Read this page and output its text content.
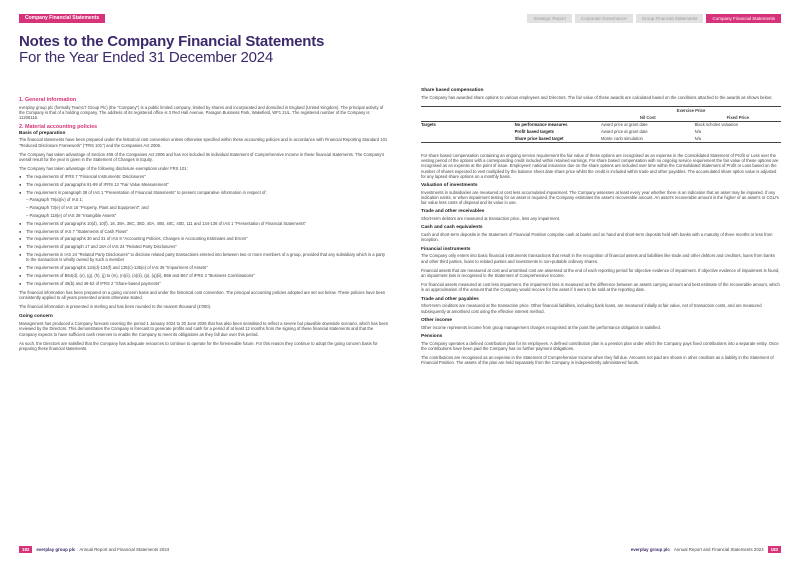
Company Financial Statements	Strategic Report	Corporate Governance	Group Financial Statements	Company Financial Statements
Notes to the Company Financial Statements
For the Year Ended 31 December 2024
1. General information
everplay group plc (formally Team17 Group Plc) (the "Company") is a public limited company, limited by shares and incorporated and domiciled in England (United Kingdom). The principal activity of the Company is that of a holding company. The address of its registered office is 3 Red Hall Avenue, Paragon Business Park, Wakefield, WF1 2UL. The registered number of the Company is 11206116.
2. Material accounting policies
Basis of preparation
The financial statements have been prepared under the historical cost convention unless otherwise specified within these accounting policies and in accordance with Financial Reporting Standard 101 "Reduced Disclosure Framework" ("FRS 101") and the Companies Act 2006.
The Company has taken advantage of Section 408 of the Companies Act 2006 and has not included its individual Statement of Comprehensive Income in these financial statements. The Company's overall result for the year is given in the Statement of Changes in Equity.
The Company has taken advantage of the following disclosure exemptions under FRS 101:
● The requirements of IFRS 7 "Financial Instruments: Disclosures"
● The requirements of paragraphs 91-99 of IFRS 13 "Fair Value Measurement"
● The requirement in paragraph 38 of IAS 1 "Presentation of Financial Statements" to present comparative information in respect of:
– Paragraph 79(a)(iv) of IAS 1;
– Paragraph 73(e) of IAS 16 "Property, Plant and Equipment"; and
– Paragraph 118(e) of IAS 38 "Intangible Assets"
● The requirements of paragraphs 10(d), 10(f), 16, 38A, 38C, 38D, 40A, 40B, 40C, 40D, 111 and 134-136 of IAS 1 "Presentation of Financial Statements"
● The requirements of IAS 7 "Statements of Cash Flows"
● The requirements of paragraphs 30 and 31 of IAS 8 "Accounting Policies, Changes in Accounting Estimates and Errors"
● The requirements of paragraph 17 and 18A of IAS 24 "Related Party Disclosures"
● The requirements in IAS 24 "Related Party Disclosures" to disclose related party transactions entered into between two or more members of a group, provided that any subsidiary which is a party to the transaction is wholly owned by such a member
● The requirements of paragraphs 134(d)-134(f) and 135(c)-135(e) of IAS 36 "Impairment of Assets"
● The requirements of B64(d), (e), (g), (h), (j) to (m), (n)(ii), (o)(ii), (p), (q)(ii), B66 and B67 of IFRS 3 "Business Combinations"
● The requirements of 45(b) and 46-52 of IFRS 2 "Share-based payments"
The financial information has been prepared on a going concern basis and under the historical cost convention. The principal accounting policies adopted are set out below. These policies have been consistently applied to all years presented unless otherwise stated.
The financial information is presented in sterling and has been rounded to the nearest thousand (£'000).
Going concern
Management has produced a Company forecast covering the period 1 January 2024 to 30 June 2026 that has also been sensitised to reflect a severe but plausible downside scenario, which has been reviewed by the Directors. This demonstrates the Company is forecast to generate profits and cash for a period of at least 12 months from the signing of these financial statements and that the Company expects to have sufficient cash reserves to enable the Company to meet its obligations as they fall due over this period.
As such, the Directors are satisfied that the Company has adequate resources to continue to operate for the foreseeable future. For this reason they continue to adopt the going concern basis for preparing these financial statements.
Share based compensation
The Company has awarded share options to various employees and Directors. The fair value of these awards are calculated based on the conditions attached to the awards as shown below:
		Exercise Price	
		Nil Cost	Fixed Price
Targets	No performance measures	Award price at grant date	Black scholes valuation
	Profit based targets	Award price at grant date	N/a
	Share price based target	Monte carlo simulation	N/a
For share based compensation containing an ongoing service requirement the fair value of these options are recognised as an expense in the Consolidated Statement of Profit or Loss over the vesting period of the options with a corresponding credit included within retained earnings. For share based compensation with no ongoing service requirement the fair value of these options are recognised as an expense at the point of issue. Employees' national insurance due on the share options are included over time within the Consolidated Statement of Profit or Loss based on the number of shares expected to vest multiplied by the balance sheet date share price whilst the credit is included within trade and other payables. The accumulated share option value is adjusted for any lapsed share options on a monthly basis.
Valuation of investments
Investments in subsidiaries are measured at cost less accumulated impairment. The Company assesses at least every year whether there is an indication that an asset may be impaired. If any indication exists, or when impairment testing for an asset is required, the Company estimates the asset's recoverable amount. An asset's recoverable amount is the higher of an asset's or CGU's fair value less costs of disposal and its value in use.
Trade and other receivables
Short-term debtors are measured at transaction price, less any impairment.
Cash and cash equivalents
Cash and short-term deposits in the Statement of Financial Position comprise cash at banks and on hand and short-term deposits held with banks with a maturity of three months or less from inception.
Financial instruments
The Company only enters into basic financial instruments transactions that result in the recognition of financial assets and liabilities like trade and other debtors and creditors, loans from banks and other third parties, loans to related parties and investments in non-puttable ordinary shares.
Financial assets that are measured at cost and amortised cost are assessed at the end of each reporting period for objective evidence of impairment. If objective evidence of impairment is found, an impairment loss is recognised in the Statement of Comprehensive Income.
For financial assets measured at cost less impairment, the impairment loss is measured as the difference between an assets carrying amount and best estimate of the recoverable amount, which is an approximation of the amount that the Company would receive for the asset if it were to be sold at the reporting date.
Trade and other payables
Short-term creditors are measured at the transaction price. Other financial liabilities, including bank loans, are measured initially at fair value, net of transaction costs, and are measured subsequently at amortised cost using the effective interest method.
Other income
Other income represents income from group management charges recognised at the point the performance obligation is satisfied.
Pensions
The Company operates a defined contribution plan for its employees. A defined contribution plan is a pension plan under which the Company pays fixed contributions into a separate entity. Once the contributions have been paid the Company has no further payment obligations.
The contributions are recognised as an expense in the Statement of Comprehensive Income when they fall due. Amounts not paid are shown in other creditors as a liability in the Statement of Financial Position. The assets of the plan are held separately from the Company in independently administered funds.
182	everplay group plc Annual Report and Financial Statements 2024	everplay group plc Annual Report and Financial Statements 2024	183
